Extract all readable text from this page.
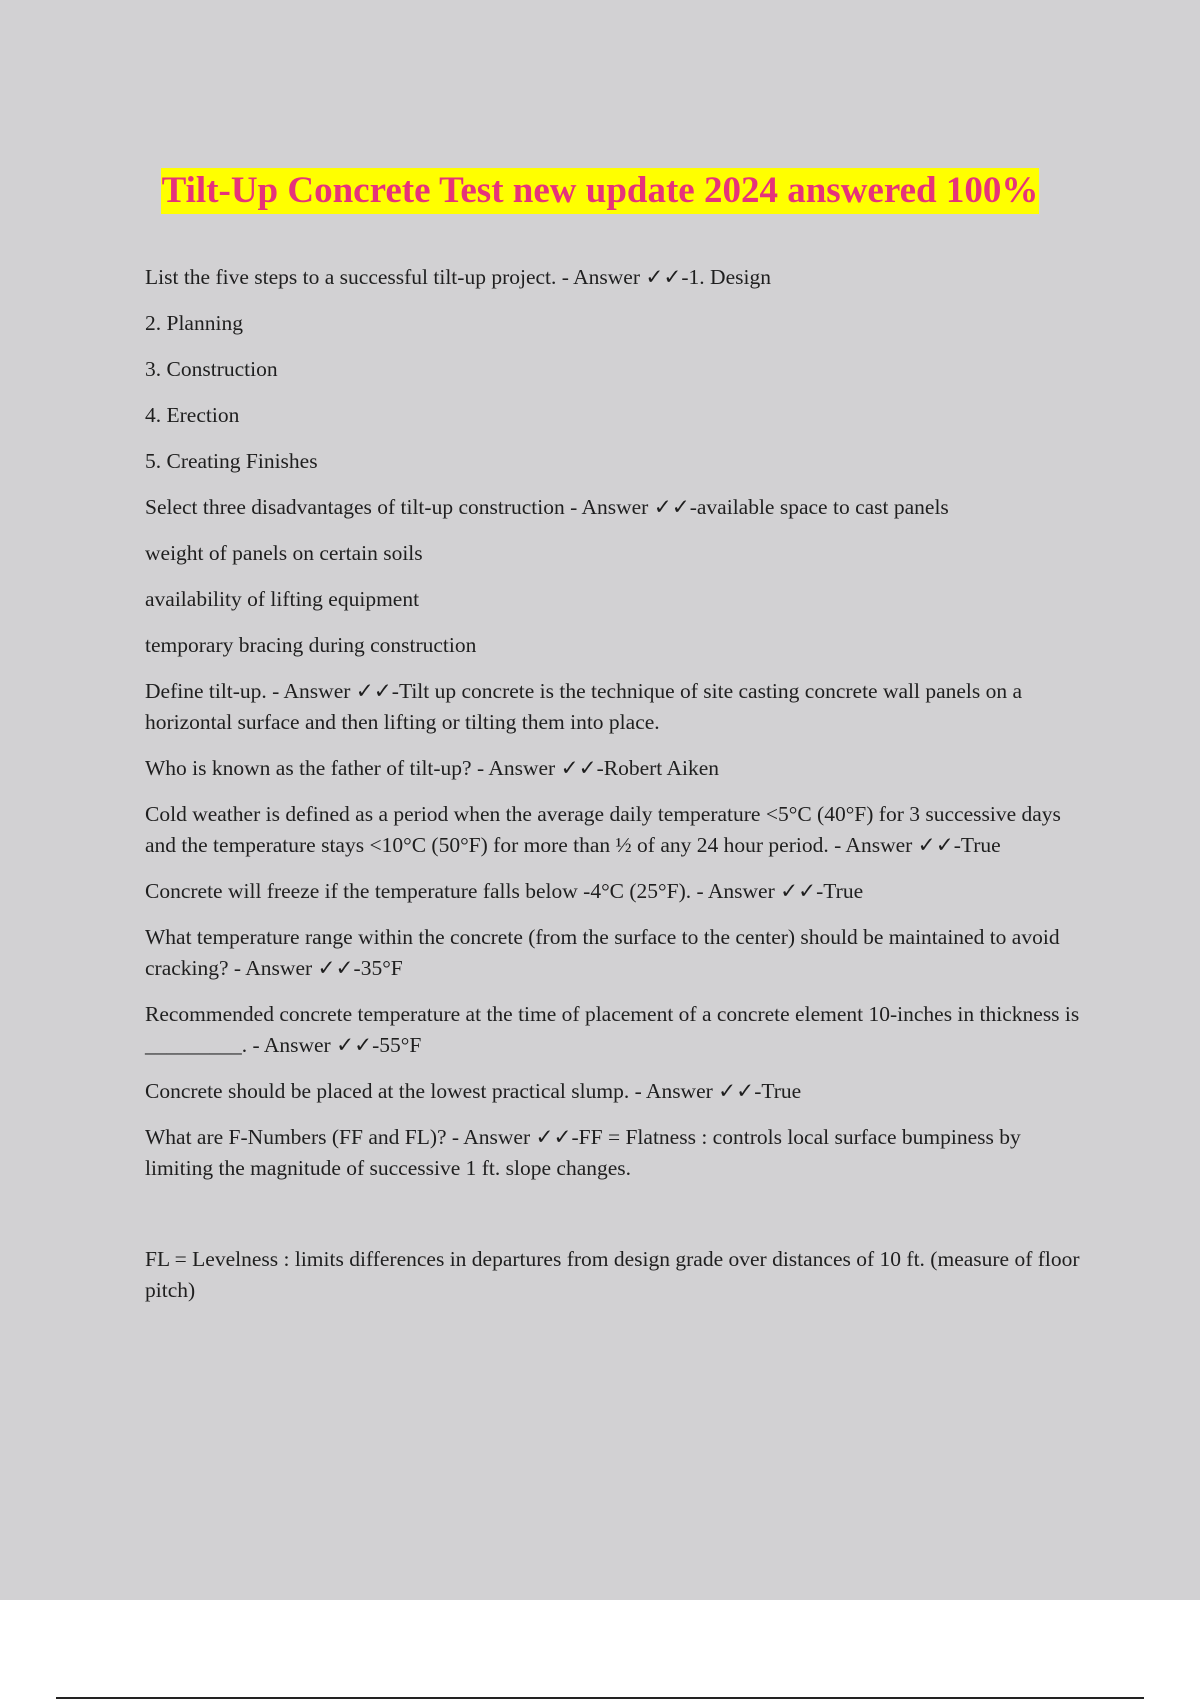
Tilt-Up Concrete Test new update 2024 answered 100%

List the five steps to a successful tilt-up project. - Answer ✓✓-1. Design

2. Planning

3. Construction

4. Erection

5. Creating Finishes

Select three disadvantages of tilt-up construction - Answer ✓✓-available space to cast panels

weight of panels on certain soils

availability of lifting equipment

temporary bracing during construction

Define tilt-up. - Answer ✓✓-Tilt up concrete is the technique of site casting concrete wall panels on a horizontal surface and then lifting or tilting them into place.

Who is known as the father of tilt-up? - Answer ✓✓-Robert Aiken

Cold weather is defined as a period when the average daily temperature <5°C (40°F) for 3 successive days and the temperature stays <10°C (50°F) for more than ½ of any 24 hour period. - Answer ✓✓-True

Concrete will freeze if the temperature falls below -4°C (25°F). - Answer ✓✓-True

What temperature range within the concrete (from the surface to the center) should be maintained to avoid cracking? - Answer ✓✓-35°F

Recommended concrete temperature at the time of placement of a concrete element 10-inches in thickness is _________. - Answer ✓✓-55°F

Concrete should be placed at the lowest practical slump. - Answer ✓✓-True

What are F-Numbers (FF and FL)? - Answer ✓✓-FF = Flatness : controls local surface bumpiness by limiting the magnitude of successive 1 ft. slope changes.

FL = Levelness : limits differences in departures from design grade over distances of 10 ft. (measure of floor pitch)
